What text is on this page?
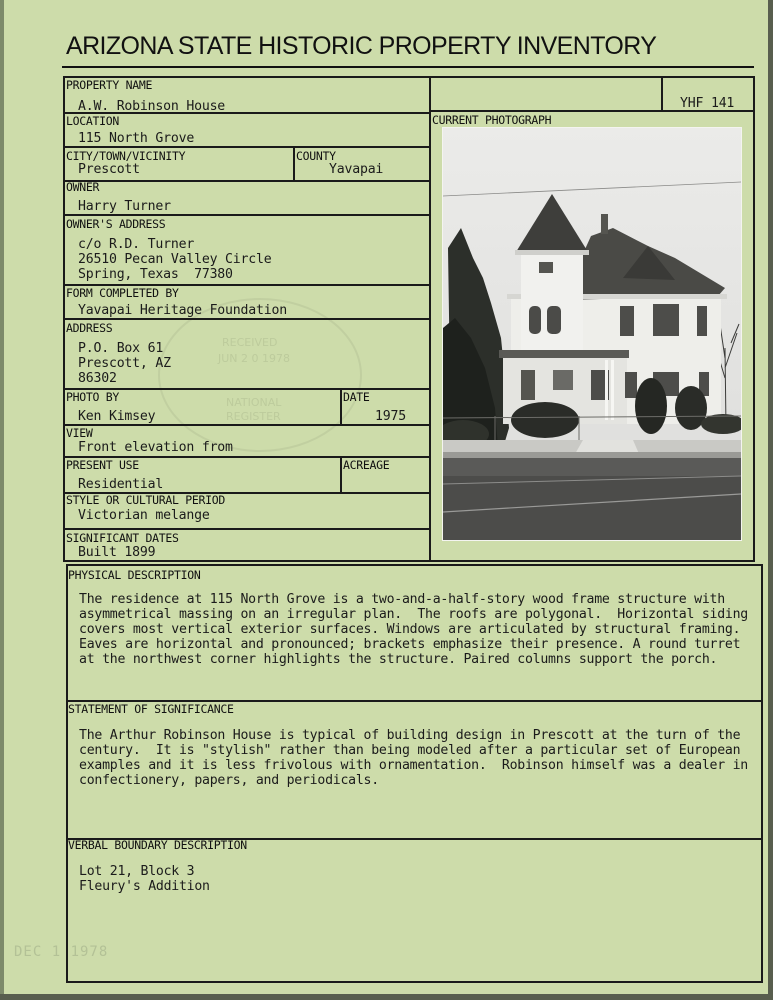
ARIZONA STATE HISTORIC PROPERTY INVENTORY
RECEIVED
JUN 2 0 1978
NATIONAL
REGISTER
PROPERTY NAME
A.W. Robinson House
LOCATION
115 North Grove
CITY/TOWN/VICINITY
Prescott
COUNTY
Yavapai
OWNER
Harry Turner
OWNER'S ADDRESS
c/o R.D. Turner
26510 Pecan Valley Circle
Spring, Texas  77380
FORM COMPLETED BY
Yavapai Heritage Foundation
ADDRESS
P.O. Box 61
Prescott, AZ
86302
PHOTO BY
Ken Kimsey
DATE
1975
VIEW
Front elevation from
PRESENT USE
Residential
ACREAGE
STYLE OR CULTURAL PERIOD
Victorian melange
SIGNIFICANT DATES
Built 1899
YHF 141
CURRENT PHOTOGRAPH
PHYSICAL DESCRIPTION
The residence at 115 North Grove is a two-and-a-half-story wood frame structure with
asymmetrical massing on an irregular plan.  The roofs are polygonal.  Horizontal siding
covers most vertical exterior surfaces. Windows are articulated by structural framing.
Eaves are horizontal and pronounced; brackets emphasize their presence. A round turret
at the northwest corner highlights the structure. Paired columns support the porch.
STATEMENT OF SIGNIFICANCE
The Arthur Robinson House is typical of building design in Prescott at the turn of the
century.  It is "stylish" rather than being modeled after a particular set of European
examples and it is less frivolous with ornamentation.  Robinson himself was a dealer in
confectionery, papers, and periodicals.
VERBAL BOUNDARY DESCRIPTION
Lot 21, Block 3
Fleury's Addition
DEC 1 1978
